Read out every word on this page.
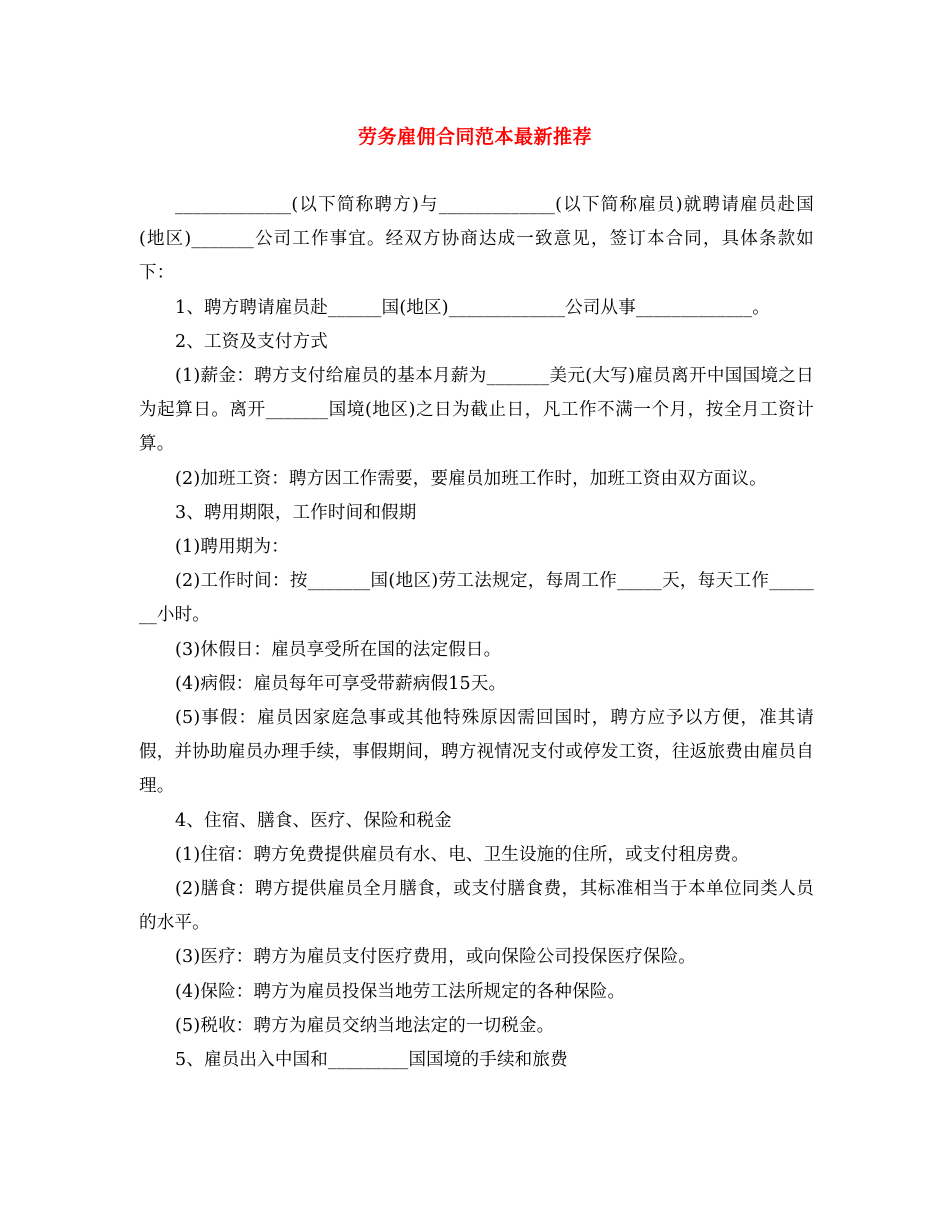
劳务雇佣合同范本最新推荐

_____________(以下简称聘方)与_____________(以下简称雇员)就聘请雇员赴国(地区)_______公司工作事宜。经双方协商达成一致意见，签订本合同，具体条款如下：

1、聘方聘请雇员赴______国(地区)_____________公司从事_____________。

2、工资及支付方式

(1)薪金：聘方支付给雇员的基本月薪为_______美元(大写)雇员离开中国国境之日为起算日。离开_______国境(地区)之日为截止日，凡工作不满一个月，按全月工资计算。

(2)加班工资：聘方因工作需要，要雇员加班工作时，加班工资由双方面议。

3、聘用期限，工作时间和假期

(1)聘用期为：

(2)工作时间：按_______国(地区)劳工法规定，每周工作_____天，每天工作_______小时。

(3)休假日：雇员享受所在国的法定假日。

(4)病假：雇员每年可享受带薪病假15天。

(5)事假：雇员因家庭急事或其他特殊原因需回国时，聘方应予以方便，准其请假，并协助雇员办理手续，事假期间，聘方视情况支付或停发工资，往返旅费由雇员自理。

4、住宿、膳食、医疗、保险和税金

(1)住宿：聘方免费提供雇员有水、电、卫生设施的住所，或支付租房费。

(2)膳食：聘方提供雇员全月膳食，或支付膳食费，其标准相当于本单位同类人员的水平。

(3)医疗：聘方为雇员支付医疗费用，或向保险公司投保医疗保险。

(4)保险：聘方为雇员投保当地劳工法所规定的各种保险。

(5)税收：聘方为雇员交纳当地法定的一切税金。

5、雇员出入中国和_________国国境的手续和旅费
